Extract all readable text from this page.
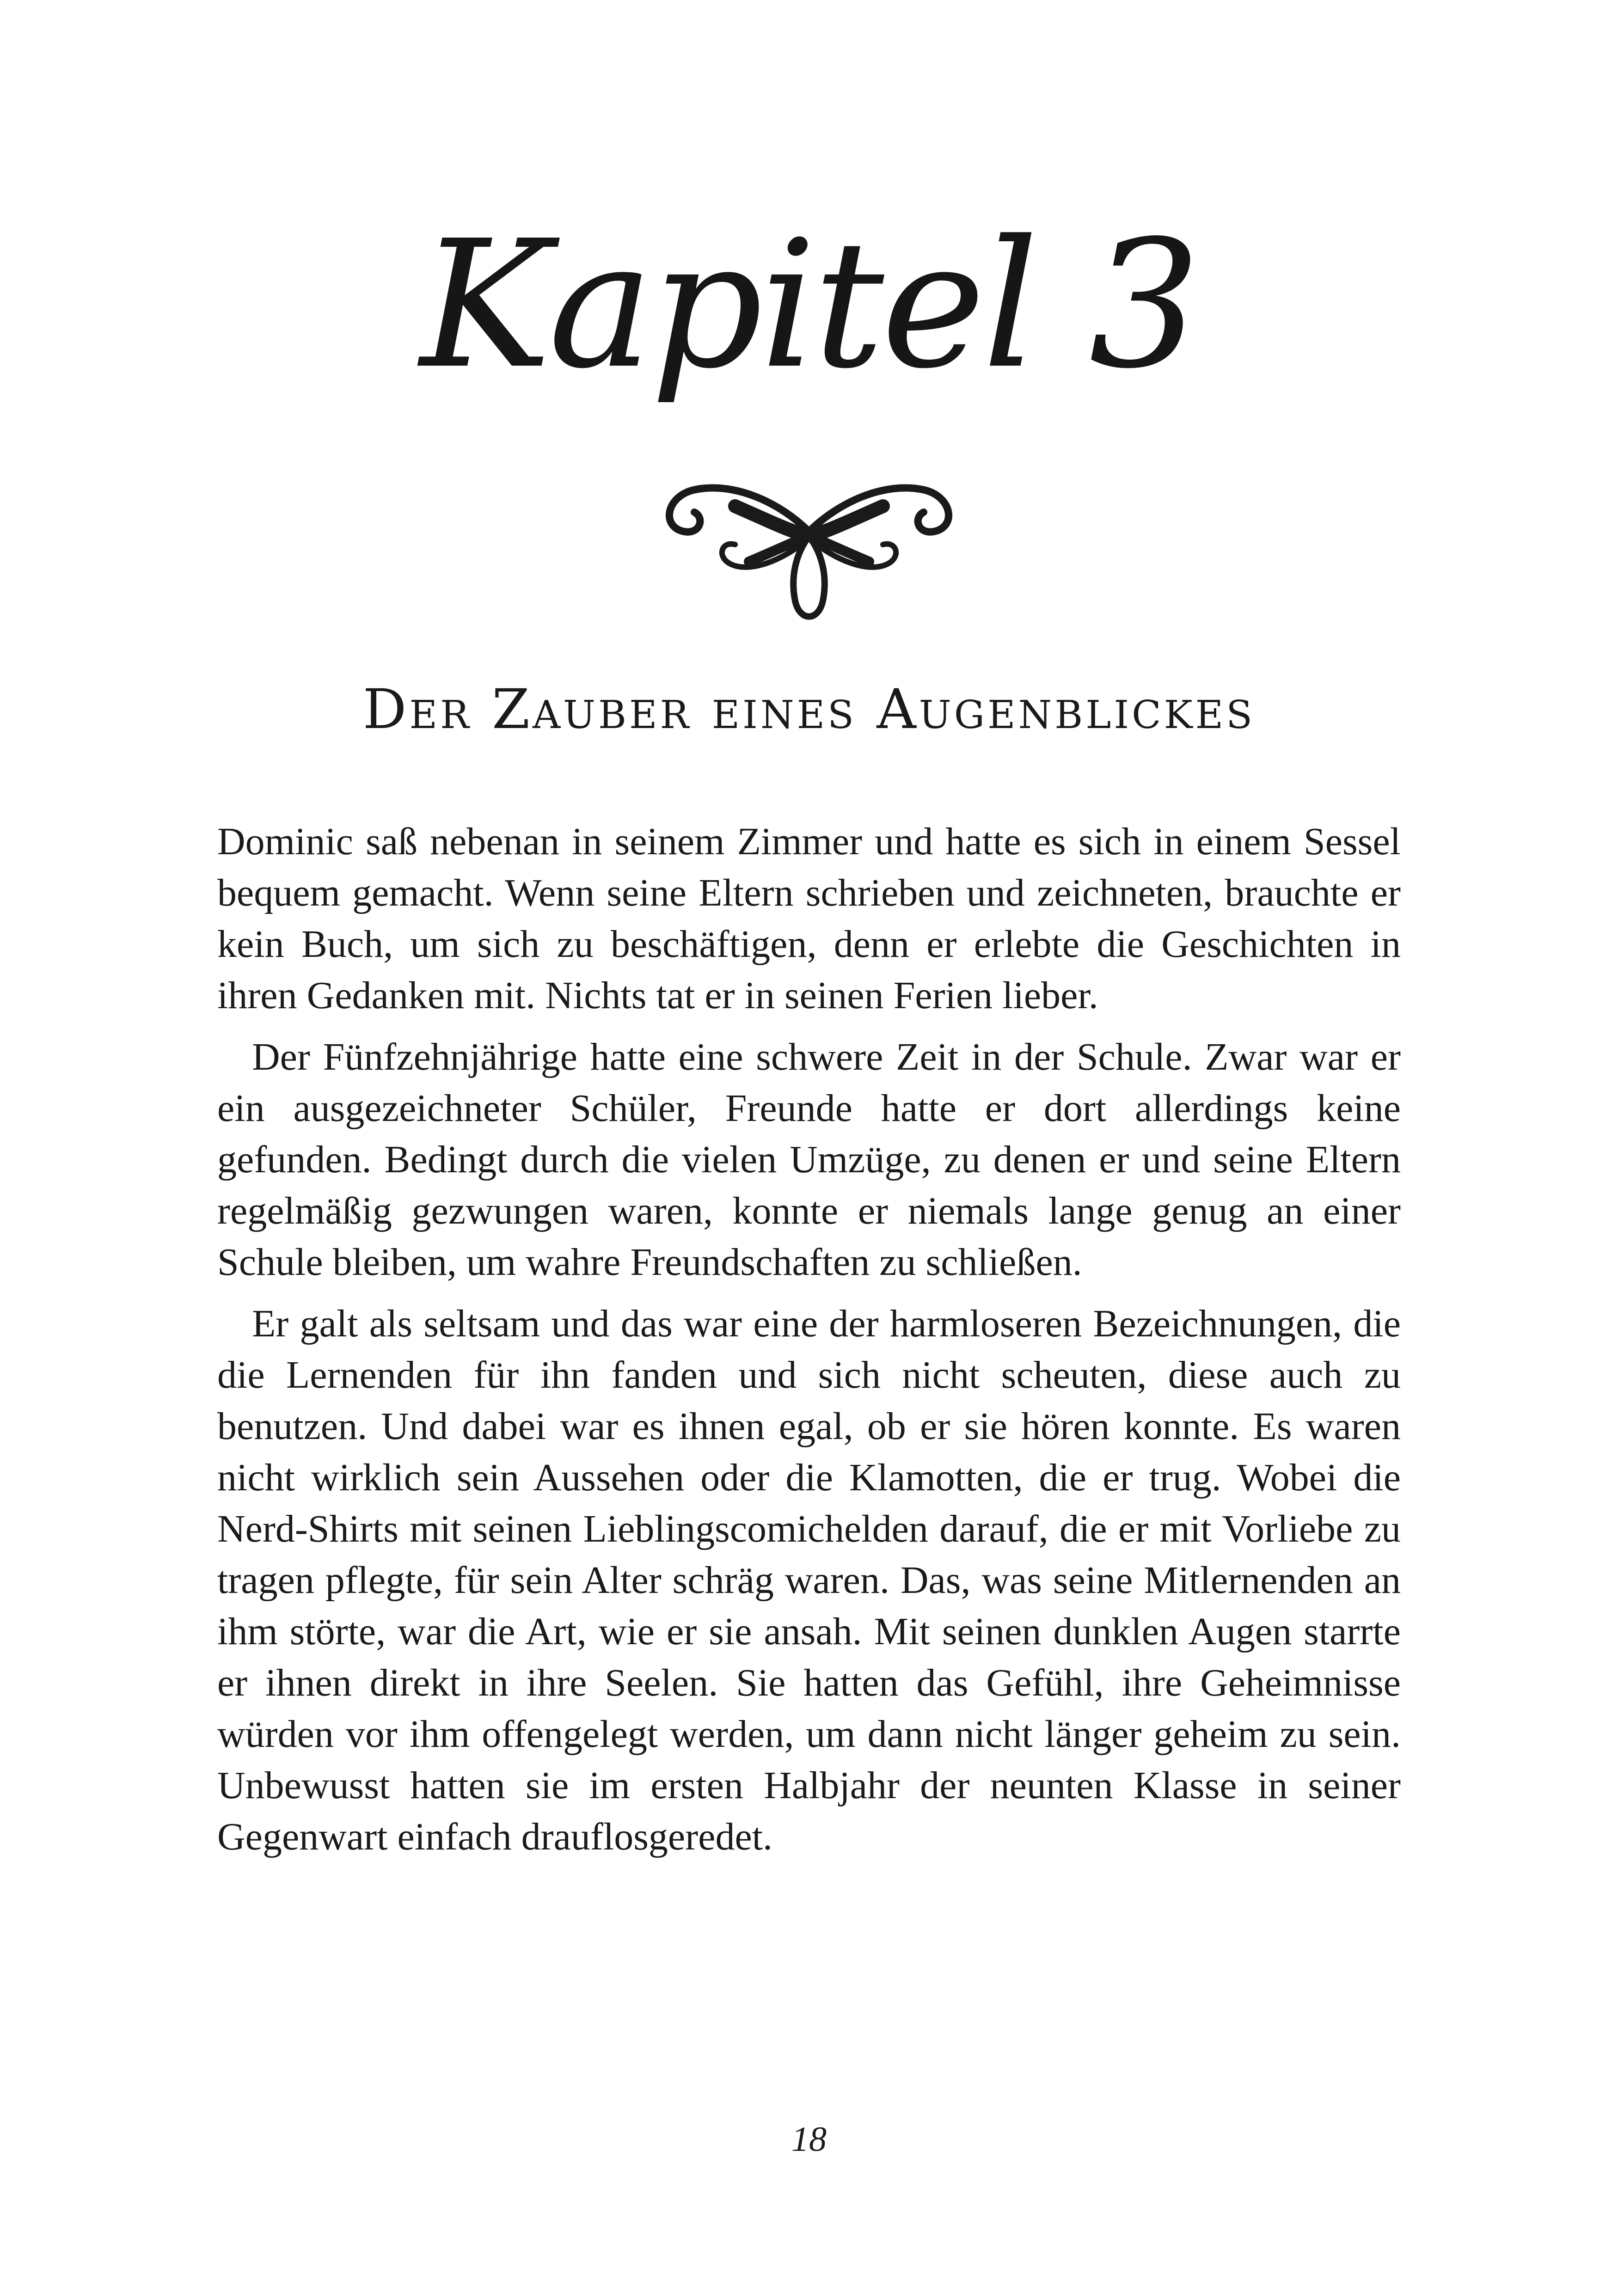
Kapitel 3
Der Zauber eines Augenblickes

Dominic saß nebenan in seinem Zimmer und hatte es sich in einem Sessel bequem gemacht. Wenn seine Eltern schrieben und zeichneten, brauchte er kein Buch, um sich zu beschäftigen, denn er erlebte die Geschichten in ihren Gedanken mit. Nichts tat er in seinen Ferien lieber.

Der Fünfzehnjährige hatte eine schwere Zeit in der Schule. Zwar war er ein ausgezeichneter Schüler, Freunde hatte er dort allerdings keine gefunden. Bedingt durch die vielen Umzüge, zu denen er und seine Eltern regelmäßig gezwungen waren, konnte er niemals lange genug an einer Schule bleiben, um wahre Freundschaften zu schließen.

Er galt als seltsam und das war eine der harmloseren Bezeichnungen, die die Lernenden für ihn fanden und sich nicht scheuten, diese auch zu benutzen. Und dabei war es ihnen egal, ob er sie hören konnte. Es waren nicht wirklich sein Aussehen oder die Klamotten, die er trug. Wobei die Nerd-Shirts mit seinen Lieblingscomichelden darauf, die er mit Vorliebe zu tragen pflegte, für sein Alter schräg waren. Das, was seine Mitlernenden an ihm störte, war die Art, wie er sie ansah. Mit seinen dunklen Augen starrte er ihnen direkt in ihre Seelen. Sie hatten das Gefühl, ihre Geheimnisse würden vor ihm offengelegt werden, um dann nicht länger geheim zu sein. Unbewusst hatten sie im ersten Halbjahr der neunten Klasse in seiner Gegenwart einfach drauflosgeredet.

18
